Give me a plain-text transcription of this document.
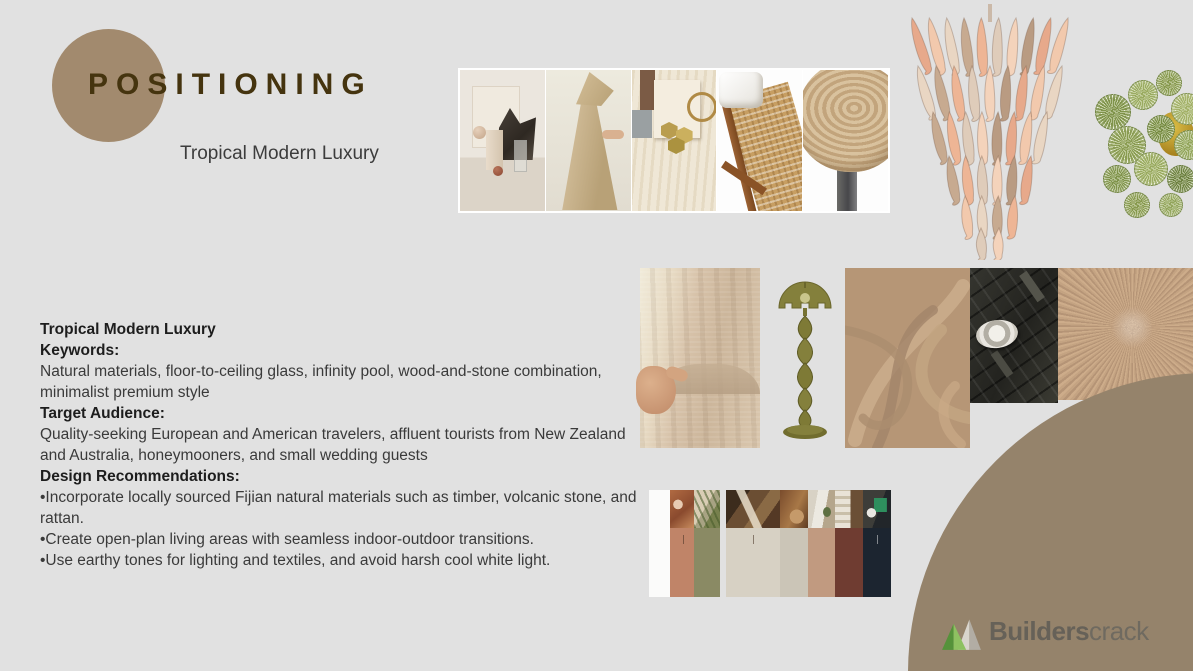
POSITIONING
Tropical Modern Luxury
Tropical Modern Luxury
Keywords:
Natural materials, floor-to-ceiling glass, infinity pool, wood-and-stone combination, minimalist premium style
Target Audience:
Quality-seeking European and American travelers, affluent tourists from New Zealand and Australia, honeymooners, and small wedding guests
Design Recommendations:
•Incorporate locally sourced Fijian natural materials such as timber, volcanic stone, and rattan.
•Create open-plan living areas with seamless indoor-outdoor transitions.
•Use earthy tones for lighting and textiles, and avoid harsh cool white light.
Builderscrack
